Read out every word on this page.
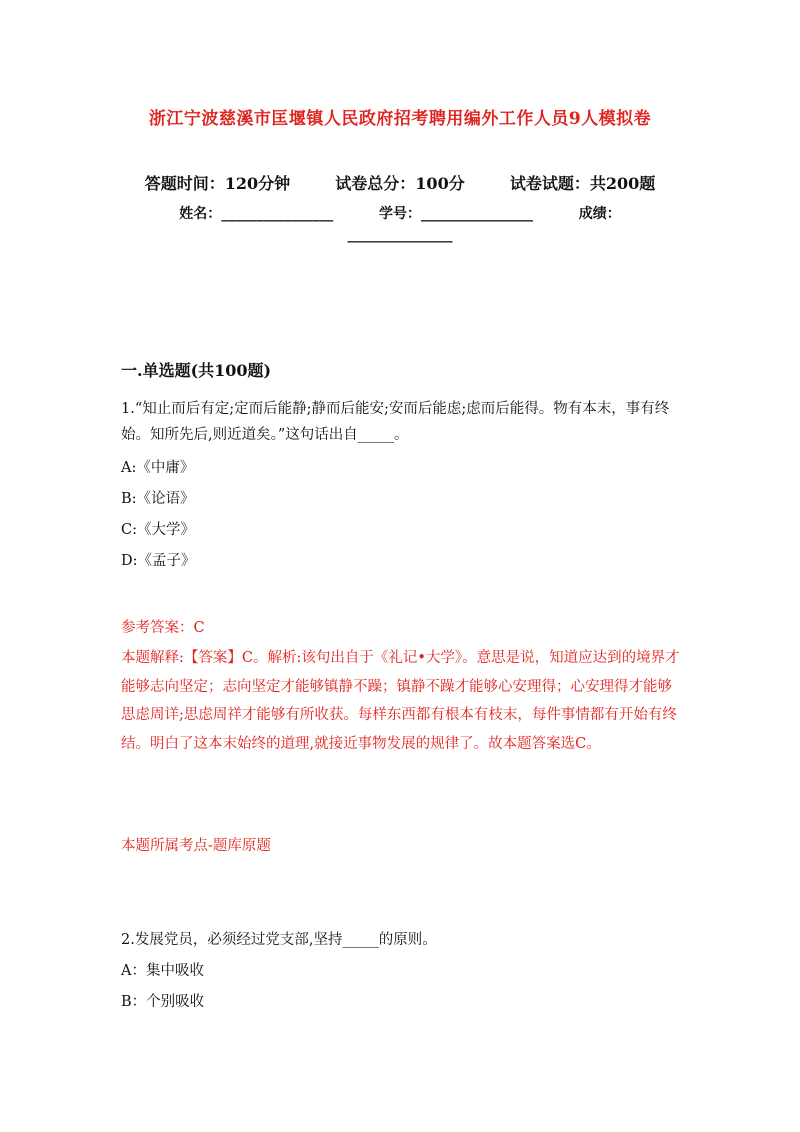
浙江宁波慈溪市匡堰镇人民政府招考聘用编外工作人员9人模拟卷
答题时间：120分钟	试卷总分：100分	试卷试题：共200题
姓名：________________	学号：________________	成绩：
_______________
一.单选题(共100题)

1.“知止而后有定;定而后能静;静而后能安;安而后能虑;虑而后能得。物有本末，事有终始。知所先后,则近道矣。”这句话出自_____。

A:《中庸》

B:《论语》

C:《大学》

D:《孟子》

参考答案：C
本题解释:【答案】C。解析:该句出自于《礼记•大学》。意思是说，知道应达到的境界才能够志向坚定；志向坚定才能够镇静不躁；镇静不躁才能够心安理得；心安理得才能够思虑周详;思虑周祥才能够有所收获。每样东西都有根本有枝末，每件事情都有开始有终结。明白了这本末始终的道理,就接近事物发展的规律了。故本题答案选C。
本题所属考点-题库原题

2.发展党员，必须经过党支部,坚持_____的原则。

A：集中吸收

B：个别吸收
